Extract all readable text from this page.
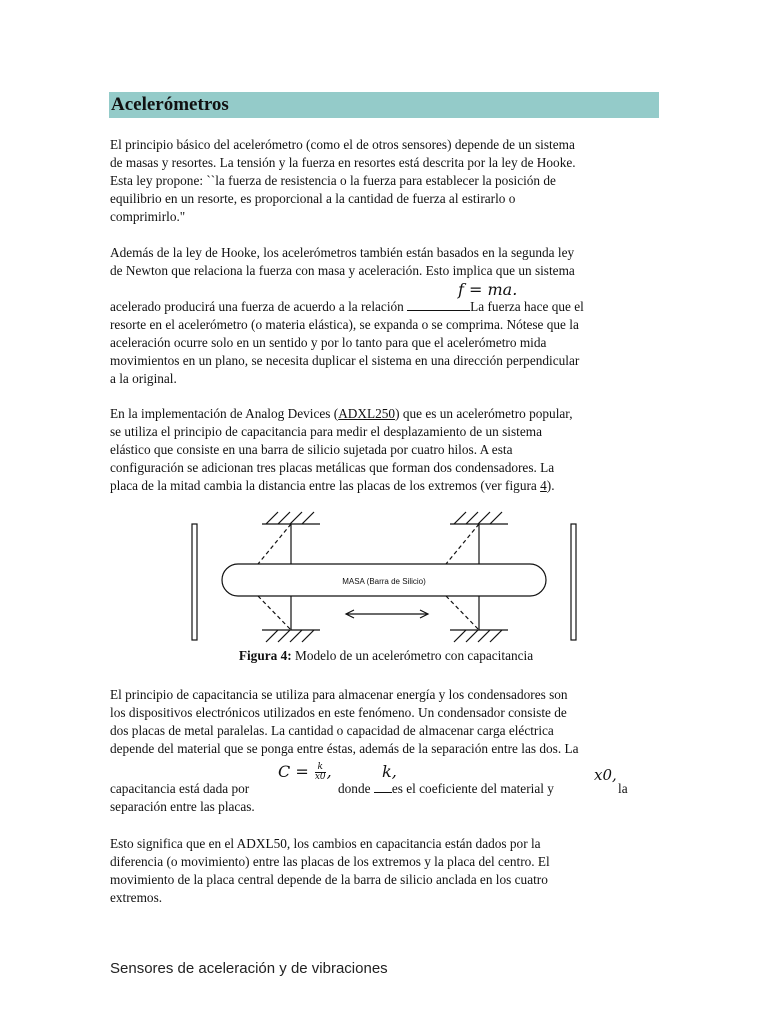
Acelerómetros
El principio básico del acelerómetro (como el de otros sensores) depende de un sistema
de masas y resortes. La tensión y la fuerza en resortes está descrita por la ley de Hooke.
Esta ley propone: ``la fuerza de resistencia o la fuerza para establecer la posición de
equilibrio en un resorte, es proporcional a la cantidad de fuerza al estirarlo o
comprimirlo."
Además de la ley de Hooke, los acelerómetros también están basados en la segunda ley
de Newton que relaciona la fuerza con masa y aceleración. Esto implica que un sistema
f = ma.
acelerado producirá una fuerza de acuerdo a la relación	La fuerza hace que el
resorte en el acelerómetro (o materia elástica), se expanda o se comprima. Nótese que la
aceleración ocurre solo en un sentido y por lo tanto para que el acelerómetro mida
movimientos en un plano, se necesita duplicar el sistema en una dirección perpendicular
a la original.
En la implementación de Analog Devices (ADXL250) que es un acelerómetro popular,
se utiliza el principio de capacitancia para medir el desplazamiento de un sistema
elástico que consiste en una barra de silicio sujetada por cuatro hilos. A esta
configuración se adicionan tres placas metálicas que forman dos condensadores. La
placa de la mitad cambia la distancia entre las placas de los extremos (ver figura 4).
MASA (Barra de Silicio)
Figura 4: Modelo de un acelerómetro con capacitancia
El principio de capacitancia se utiliza para almacenar energía y los condensadores son
los dispositivos electrónicos utilizados en este fenómeno. Un condensador consiste de
dos placas de metal paralelas. La cantidad o capacidad de almacenar carga eléctrica
depende del material que se ponga entre éstas, además de la separación entre las dos. La
$C = \frac{k}{x0}$ ,	k,	x0,
capacitancia está dada por	donde es el coeficiente del material y	la
separación entre las placas.
Esto significa que en el ADXL50, los cambios en capacitancia están dados por la
diferencia (o movimiento) entre las placas de los extremos y la placa del centro. El
movimiento de la placa central depende de la barra de silicio anclada en los cuatro
extremos.
Sensores de aceleración y de vibraciones
